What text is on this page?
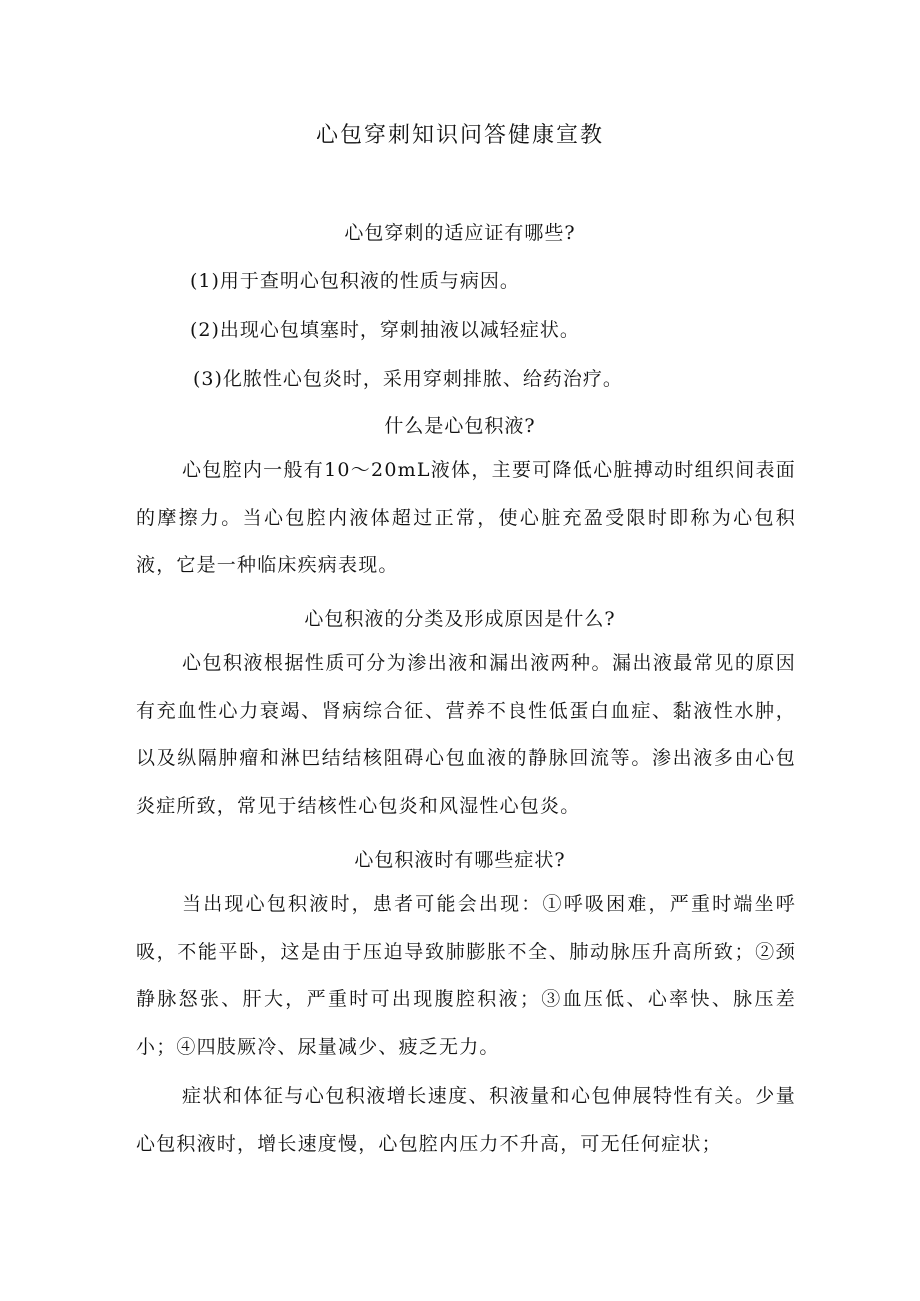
心包穿刺知识问答健康宣教
心包穿刺的适应证有哪些?
(1)用于查明心包积液的性质与病因。
(2)出现心包填塞时，穿刺抽液以减轻症状。
(3)化脓性心包炎时，采用穿刺排脓、给药治疗。
什么是心包积液?

心包腔内一般有10～20mL液体，主要可降低心脏搏动时组织间表面的摩擦力。当心包腔内液体超过正常，使心脏充盈受限时即称为心包积液，它是一种临床疾病表现。

心包积液的分类及形成原因是什么?

心包积液根据性质可分为渗出液和漏出液两种。漏出液最常见的原因有充血性心力衰竭、肾病综合征、营养不良性低蛋白血症、黏液性水肿，以及纵隔肿瘤和淋巴结结核阻碍心包血液的静脉回流等。渗出液多由心包炎症所致，常见于结核性心包炎和风湿性心包炎。

心包积液时有哪些症状?

当出现心包积液时，患者可能会出现：①呼吸困难，严重时端坐呼吸，不能平卧，这是由于压迫导致肺膨胀不全、肺动脉压升高所致；②颈静脉怒张、肝大，严重时可出现腹腔积液；③血压低、心率快、脉压差小；④四肢厥冷、尿量减少、疲乏无力。

症状和体征与心包积液增长速度、积液量和心包伸展特性有关。少量心包积液时，增长速度慢，心包腔内压力不升高，可无任何症状；
